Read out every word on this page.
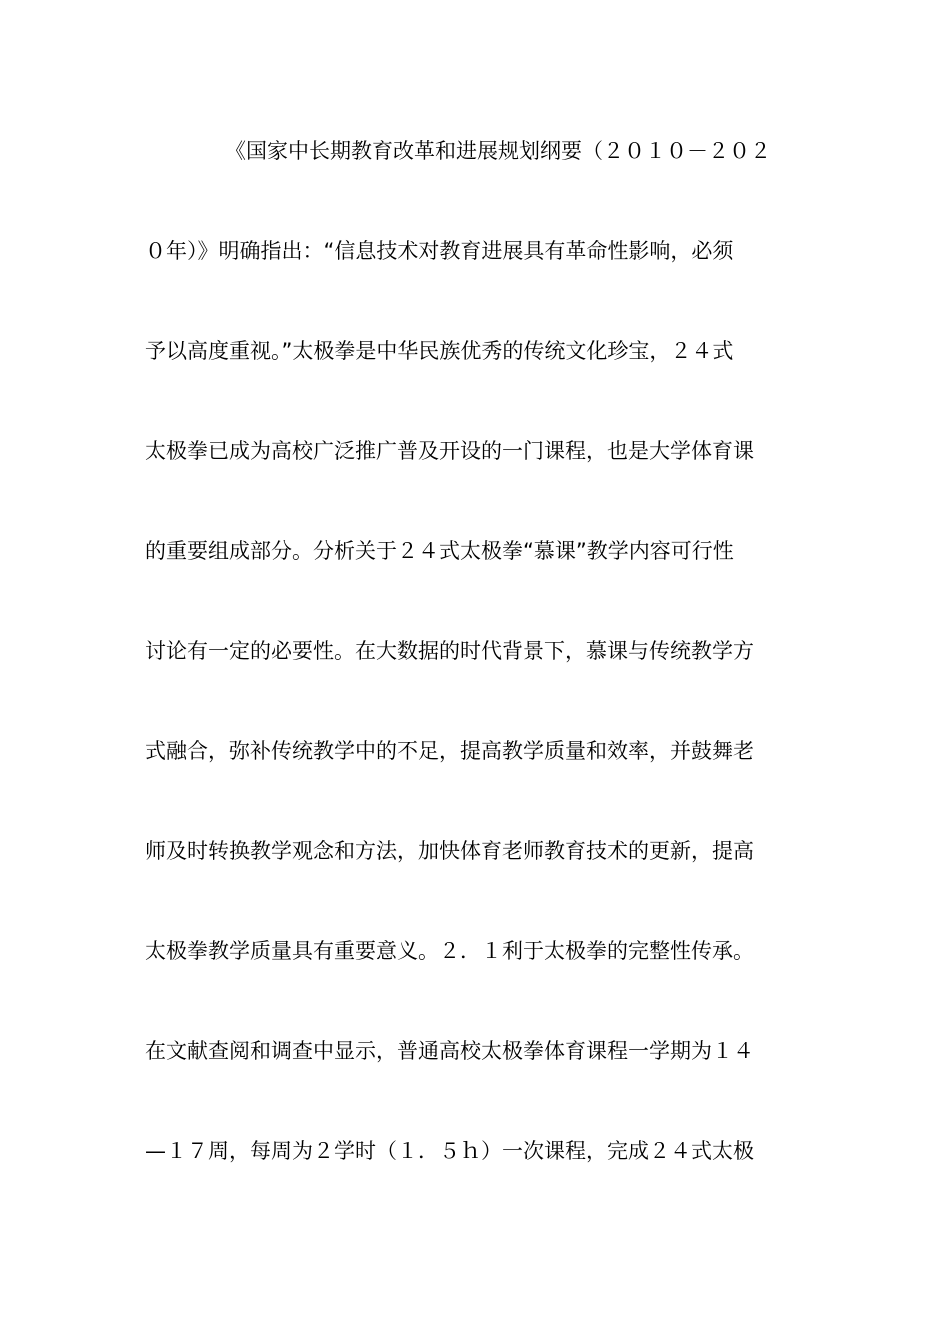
《国家中长期教育改革和进展规划纲要（２０１０－２０２
０年）》明确指出：“信息技术对教育进展具有革命性影响，必须
予以高度重视。”太极拳是中华民族优秀的传统文化珍宝，２４式
太极拳已成为高校广泛推广普及开设的一门课程，也是大学体育课
的重要组成部分。分析关于２４式太极拳“慕课”教学内容可行性
讨论有一定的必要性。在大数据的时代背景下，慕课与传统教学方
式融合，弥补传统教学中的不足，提高教学质量和效率，并鼓舞老
师及时转换教学观念和方法，加快体育老师教育技术的更新，提高
太极拳教学质量具有重要意义。２．１利于太极拳的完整性传承。
在文献查阅和调查中显示，普通高校太极拳体育课程一学期为１４
—１７周，每周为２学时（１．５ｈ）一次课程，完成２４式太极
